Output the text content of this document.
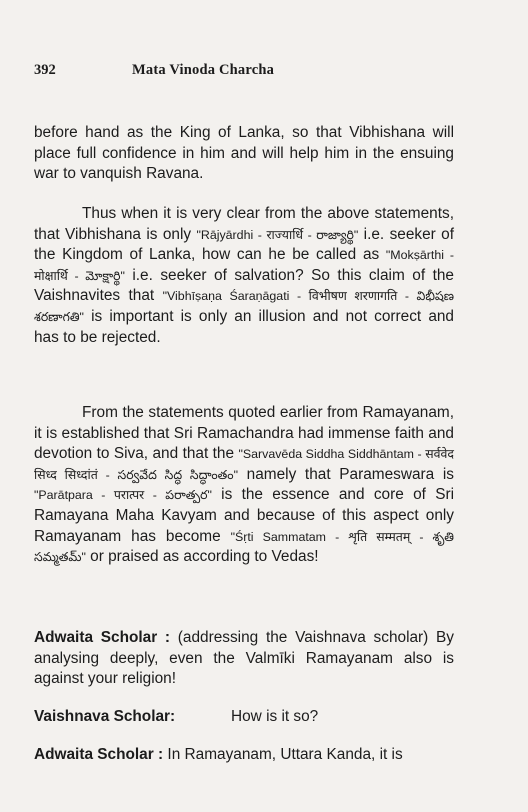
392	Mata Vinoda Charcha

before hand as the King of Lanka, so that Vibhishana will place full confidence in him and will help him in the ensuing war to vanquish Ravana.

Thus when it is very clear from the above statements, that Vibhishana is only "Rājyārdhi - राज्यार्धि - రాజ్యార్థి" i.e. seeker of the Kingdom of Lanka, how can he be called as "Mokṣārthi - मोक्षार्थि - మోక్షార్థి" i.e. seeker of salvation? So this claim of the Vaishnavites that "Vibhīṣaṇa Śaraṇāgati - विभीषण शरणागति - విభీషణ శరణాగతి" is important is only an illusion and not correct and has to be rejected.

From the statements quoted earlier from Ramayanam, it is established that Sri Ramachandra had immense faith and devotion to Siva, and that the "Sarvavēda Siddha Siddhāntam - सर्ववेद सिध्द सिध्दांतं - సర్వవేద సిద్ధ సిద్ధాంతం" namely that Parameswara is "Parātpara - परात्पर - పరాత్పర" is the essence and core of Sri Ramayana Maha Kavyam and because of this aspect only Ramayanam has become "Śṛti Sammatam - शृति सम्मतम् - శృతి సమ్మతమ్" or praised as according to Vedas!

Adwaita Scholar : (addressing the Vaishnava scholar) By analysing deeply, even the Valmīki Ramayanam also is against your religion!

Vaishnava Scholar:	How is it so?

Adwaita Scholar : In Ramayanam, Uttara Kanda, it is
